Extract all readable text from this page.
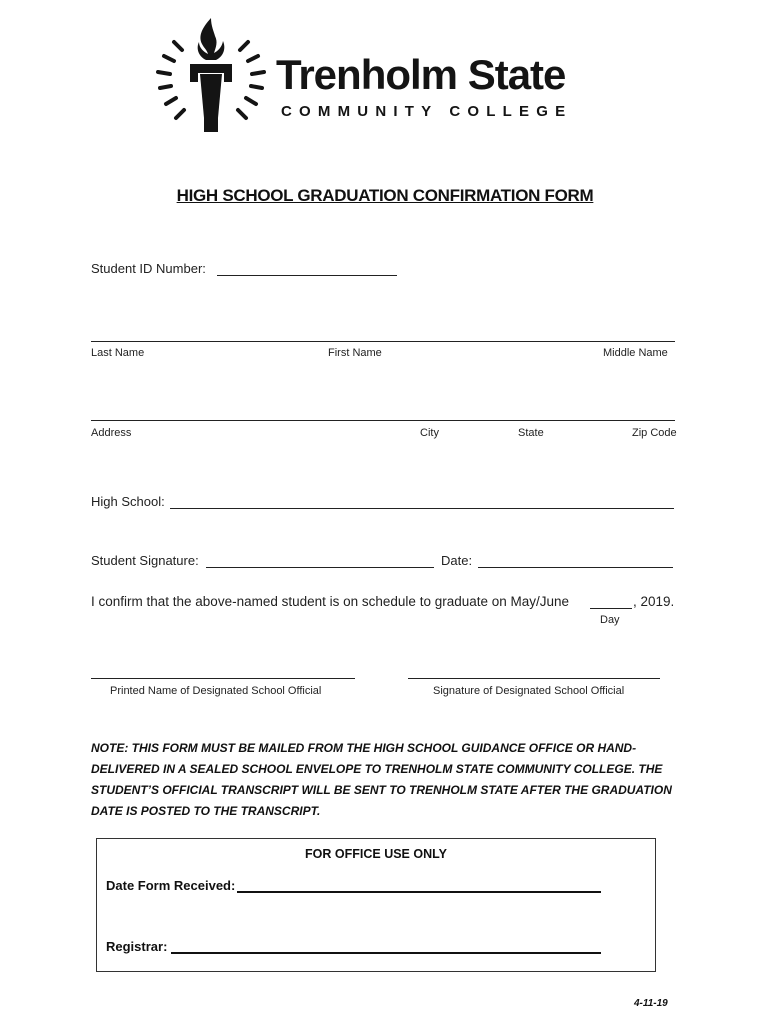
Trenholm State
COMMUNITY COLLEGE
HIGH SCHOOL GRADUATION CONFIRMATION FORM
Student ID Number:
Last Name	First Name	Middle Name
Address	City	State	Zip Code
High School:
Student Signature:	Date:
I confirm that the above-named student is on schedule to graduate on May/June	, 2019.
Day
Printed Name of Designated School Official	Signature of Designated School Official
NOTE: THIS FORM MUST BE MAILED FROM THE HIGH SCHOOL GUIDANCE OFFICE OR HAND-DELIVERED IN A SEALED SCHOOL ENVELOPE TO TRENHOLM STATE COMMUNITY COLLEGE. THE STUDENT’S OFFICIAL TRANSCRIPT WILL BE SENT TO TRENHOLM STATE AFTER THE GRADUATION DATE IS POSTED TO THE TRANSCRIPT.
FOR OFFICE USE ONLY
Date Form Received:
Registrar:
4-11-19
